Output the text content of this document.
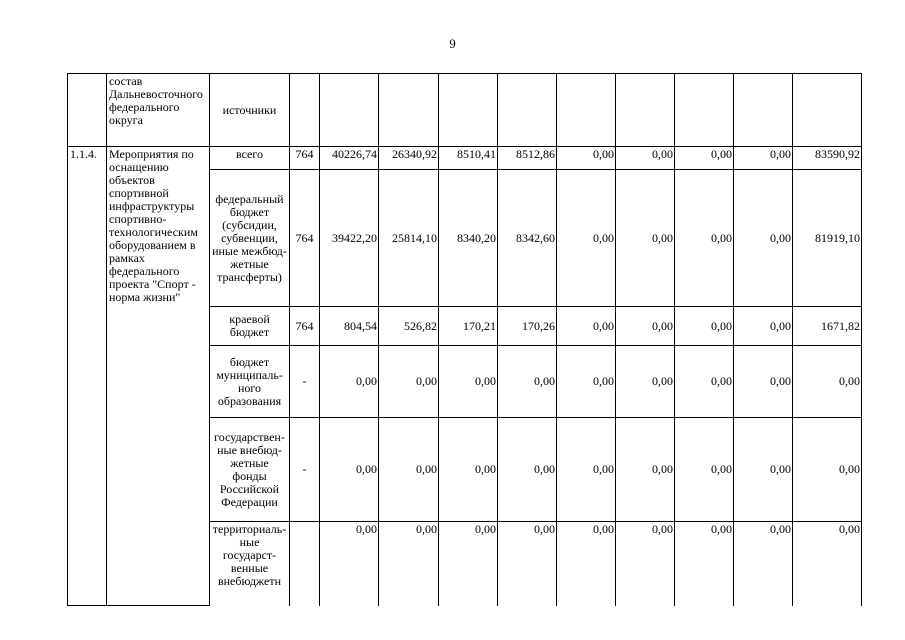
9
	состав Дальневосточного федерального округа	источники										
1.1.4.	Мероприятия по оснащению объектов спортивной инфраструктуры спортивно-технологическим оборудованием в рамках федерального проекта "Спорт - норма жизни"	всего	764	40226,74	26340,92	8510,41	8512,86	0,00	0,00	0,00	0,00	83590,92
		федеральный бюджет (субсидии, субвенции, иные межбюд-жетные трансферты)	764	39422,20	25814,10	8340,20	8342,60	0,00	0,00	0,00	0,00	81919,10
		краевой бюджет	764	804,54	526,82	170,21	170,26	0,00	0,00	0,00	0,00	1671,82
		бюджет муниципаль-ного образования	-	0,00	0,00	0,00	0,00	0,00	0,00	0,00	0,00	0,00
		государствен-ные внебюд-жетные фонды Российской Федерации	-	0,00	0,00	0,00	0,00	0,00	0,00	0,00	0,00	0,00
		территориаль-ные государст-венные внебюджетн		0,00	0,00	0,00	0,00	0,00	0,00	0,00	0,00	0,00
